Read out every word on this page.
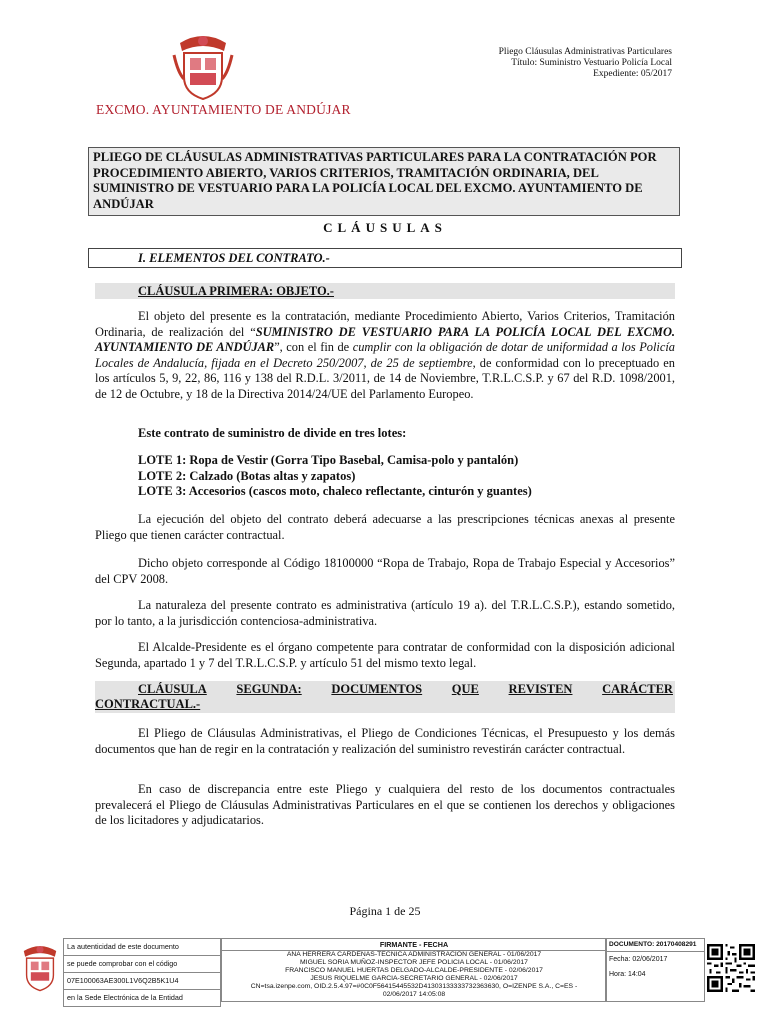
EXCMO. AYUNTAMIENTO DE ANDÚJAR
Pliego Cláusulas Administrativas Particulares
Título: Suministro Vestuario Policía Local
Expediente: 05/2017
PLIEGO DE CLÁUSULAS ADMINISTRATIVAS PARTICULARES PARA LA CONTRATACIÓN POR PROCEDIMIENTO ABIERTO, VARIOS CRITERIOS, TRAMITACIÓN ORDINARIA, DEL SUMINISTRO DE VESTUARIO PARA LA POLICÍA LOCAL DEL EXCMO. AYUNTAMIENTO DE ANDÚJAR
CLÁUSULAS
I. ELEMENTOS DEL CONTRATO.-
CLÁUSULA PRIMERA: OBJETO.-
El objeto del presente es la contratación, mediante Procedimiento Abierto, Varios Criterios, Tramitación Ordinaria, de realización del “SUMINISTRO DE VESTUARIO PARA LA POLICÍA LOCAL DEL EXCMO. AYUNTAMIENTO DE ANDÚJAR”, con el fin de cumplir con la obligación de dotar de uniformidad a los Policía Locales de Andalucía, fijada en el Decreto 250/2007, de 25 de septiembre, de conformidad con lo preceptuado en los artículos 5, 9, 22, 86, 116 y 138 del R.D.L. 3/2011, de 14 de Noviembre, T.R.L.C.S.P. y 67 del R.D. 1098/2001, de 12 de Octubre, y 18 de la Directiva 2014/24/UE del Parlamento Europeo.
Este contrato de suministro de divide en tres lotes:
LOTE 1: Ropa de Vestir (Gorra Tipo Basebal, Camisa-polo y pantalón)
LOTE 2: Calzado (Botas altas y zapatos)
LOTE 3: Accesorios (cascos moto, chaleco reflectante, cinturón y guantes)
La ejecución del objeto del contrato deberá adecuarse a las prescripciones técnicas anexas al presente Pliego que tienen carácter contractual.
Dicho objeto corresponde al Código 18100000 “Ropa de Trabajo, Ropa de Trabajo Especial y Accesorios” del CPV 2008.
La naturaleza del presente contrato es administrativa (artículo 19 a). del T.R.L.C.S.P.), estando sometido, por lo tanto, a la jurisdicción contenciosa-administrativa.
El Alcalde-Presidente es el órgano competente para contratar de conformidad con la disposición adicional Segunda, apartado 1 y 7 del T.R.L.C.S.P. y artículo 51 del mismo texto legal.
CLÁUSULA SEGUNDA: DOCUMENTOS QUE REVISTEN CARÁCTER
CONTRACTUAL.-
El Pliego de Cláusulas Administrativas, el Pliego de Condiciones Técnicas, el Presupuesto y los demás documentos que han de regir en la contratación y realización del suministro revestirán carácter contractual.
En caso de discrepancia entre este Pliego y cualquiera del resto de los documentos contractuales prevalecerá el Pliego de Cláusulas Administrativas Particulares en el que se contienen los derechos y obligaciones de los licitadores y adjudicatarios.
Página 1 de 25
La autenticidad de este documento
se puede comprobar con el código
07E100063AE300L1V6Q2B5K1U4
en la Sede Electrónica de la Entidad
FIRMANTE - FECHA
ANA HERRERA CARDENAS-TECNICA ADMINISTRACION GENERAL - 01/06/2017
MIGUEL SORIA MUÑOZ-INSPECTOR JEFE POLICIA LOCAL - 01/06/2017
FRANCISCO MANUEL HUERTAS DELGADO-ALCALDE-PRESIDENTE - 02/06/2017
JESUS RIQUELME GARCIA-SECRETARIO GENERAL - 02/06/2017
CN=tsa.izenpe.com, OID.2.5.4.97=#0C0F56415445532D41303133333732363630, O=IZENPE S.A., C=ES -
02/06/2017 14:05:08
DOCUMENTO: 20170408291
Fecha: 02/06/2017
Hora: 14:04
